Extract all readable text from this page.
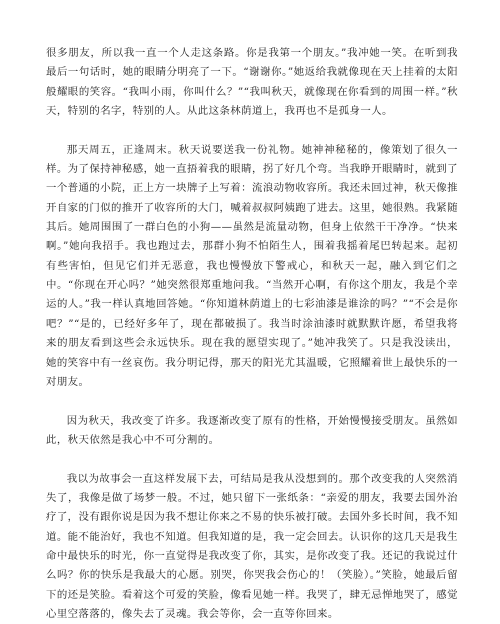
很多朋友，所以我一直一个人走这条路。你是我第一个朋友。”我冲她一笑。在听到我最后一句话时，她的眼睛分明亮了一下。“谢谢你。”她返给我就像现在天上挂着的太阳般耀眼的笑容。“我叫小雨，你叫什么？”“我叫秋天，就像现在你看到的周围一样。”秋天，特别的名字，特别的人。从此这条林荫道上，我再也不是孤身一人。

那天周五，正逢周末。秋天说要送我一份礼物。她神神秘秘的，像策划了很久一样。为了保持神秘感，她一直捂着我的眼睛，拐了好几个弯。当我睁开眼睛时，就到了一个普通的小院，正上方一块牌子上写着：流浪动物收容所。我还未回过神，秋天像推开自家的门似的推开了收容所的大门，喊着叔叔阿姨跑了进去。这里，她很熟。我紧随其后。她周围围了一群白色的小狗——虽然是流量动物，但身上依然干干净净。“快来啊。”她向我招手。我也跑过去，那群小狗不怕陌生人，围着我摇着尾巴转起来。起初有些害怕，但见它们并无恶意，我也慢慢放下警戒心，和秋天一起，融入到它们之中。“你现在开心吗？”她突然很郑重地问我。“当然开心啊，有你这个朋友，我是个幸运的人。”我一样认真地回答她。“你知道林荫道上的七彩油漆是谁涂的吗？”“不会是你吧？”“是的，已经好多年了，现在都破损了。我当时涂油漆时就默默许愿，希望我将来的朋友看到这些会永远快乐。现在我的愿望实现了。”她冲我笑了。只是我没读出，她的笑容中有一丝哀伤。我分明记得，那天的阳光尤其温暖，它照耀着世上最快乐的一对朋友。

因为秋天，我改变了许多。我逐渐改变了原有的性格，开始慢慢接受朋友。虽然如此，秋天依然是我心中不可分割的。

我以为故事会一直这样发展下去，可结局是我从没想到的。那个改变我的人突然消失了，我像是做了场梦一般。不过，她只留下一张纸条：“亲爱的朋友，我要去国外治疗了，没有跟你说是因为我不想让你来之不易的快乐被打破。去国外多长时间，我不知道。能不能治好，我也不知道。但我知道的是，我一定会回去。认识你的这几天是我生命中最快乐的时光，你一直觉得是我改变了你，其实，是你改变了我。还记的我说过什么吗？你的快乐是我最大的心愿。别哭，你哭我会伤心的！（笑脸）。”笑脸，她最后留下的还是笑脸。看着这个可爱的笑脸，像看见她一样。我哭了，肆无忌惮地哭了，感觉心里空落落的，像失去了灵魂。我会等你，会一直等你回来。
